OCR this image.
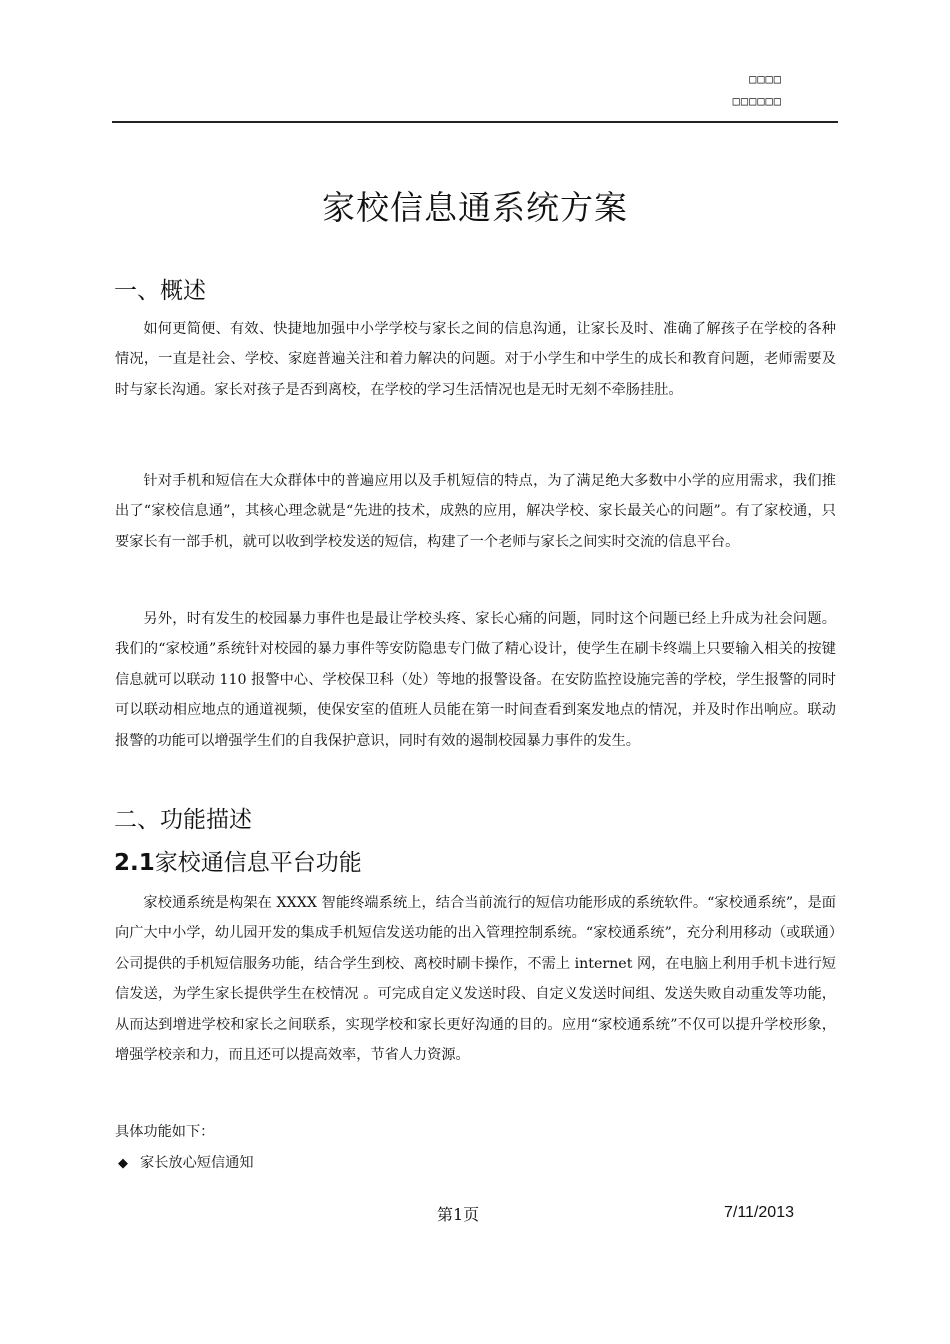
□□□□
□□□□□□
家校信息通系统方案
一、概述
如何更简便、有效、快捷地加强中小学学校与家长之间的信息沟通，让家长及时、准确了解孩子在学校的各种情况，一直是社会、学校、家庭普遍关注和着力解决的问题。对于小学生和中学生的成长和教育问题，老师需要及时与家长沟通。家长对孩子是否到离校，在学校的学习生活情况也是无时无刻不牵肠挂肚。
针对手机和短信在大众群体中的普遍应用以及手机短信的特点，为了满足绝大多数中小学的应用需求，我们推出了“家校信息通”，其核心理念就是“先进的技术，成熟的应用，解决学校、家长最关心的问题”。有了家校通，只要家长有一部手机，就可以收到学校发送的短信，构建了一个老师与家长之间实时交流的信息平台。
另外，时有发生的校园暴力事件也是最让学校头疼、家长心痛的问题，同时这个问题已经上升成为社会问题。我们的“家校通”系统针对校园的暴力事件等安防隐患专门做了精心设计，使学生在刷卡终端上只要输入相关的按键信息就可以联动 110 报警中心、学校保卫科（处）等地的报警设备。在安防监控设施完善的学校，学生报警的同时可以联动相应地点的通道视频，使保安室的值班人员能在第一时间查看到案发地点的情况，并及时作出响应。联动报警的功能可以增强学生们的自我保护意识，同时有效的遏制校园暴力事件的发生。
二、功能描述
2.1家校通信息平台功能
家校通系统是构架在 XXXX 智能终端系统上，结合当前流行的短信功能形成的系统软件。“家校通系统”，是面向广大中小学，幼儿园开发的集成手机短信发送功能的出入管理控制系统。“家校通系统”，充分利用移动（或联通）公司提供的手机短信服务功能，结合学生到校、离校时刷卡操作，不需上 internet 网，在电脑上利用手机卡进行短信发送，为学生家长提供学生在校情况 。可完成自定义发送时段、自定义发送时间组、发送失败自动重发等功能，从而达到增进学校和家长之间联系，实现学校和家长更好沟通的目的。应用“家校通系统”不仅可以提升学校形象，增强学校亲和力，而且还可以提高效率，节省人力资源。
具体功能如下：
◆ 家长放心短信通知
第1页	7/11/2013
